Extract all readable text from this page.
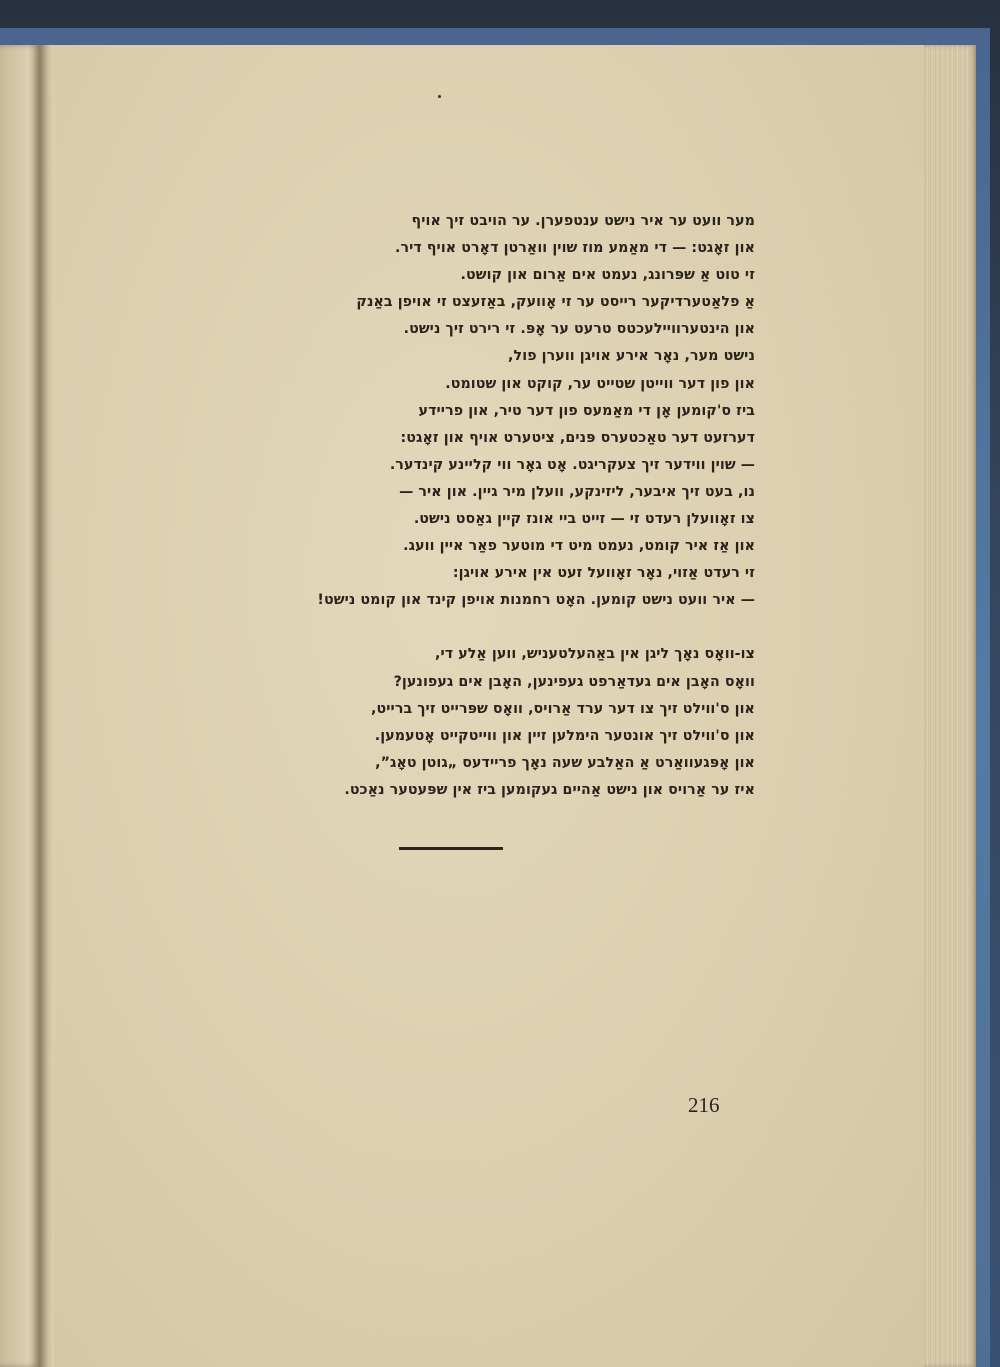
מער וועט ער איר נישט ענטפערן. ער הויבט זיך אויף
און זאָגט: — די מאַמע מוז שוין וואַרטן דאָרט אויף דיר.
זי טוט אַ שפּרונג, נעמט אים אַרום און קושט.
אַ פלאַטערדיקער רייסט ער זי אָוועק, באַזעצט זי אויפן באַנק
און הינטערוויילעכטס טרעט ער אָפּ. זי רירט זיך נישט.
נישט מער, נאָר אירע אויגן ווערן פול,
און פון דער ווייטן שטייט ער, קוקט און שטומט.
ביז ס'קומען אָן די מאַמעס פון דער טיר, און פריידע
דערזעט דער טאַכטערס פּנים, ציטערט אויף און זאָגט:
— שוין ווידער זיך צעקריגט. אָט גאָר ווי קליינע קינדער.
נו, בעט זיך איבער, ליזינקע, וועלן מיר גיין. און איר —
צו זאָוועלן רעדט זי — זייט ביי אונז קיין גאַסט נישט.
און אַז איר קומט, נעמט מיט די מוטער פאַר איין וועג.
זי רעדט אַזוי, נאָר זאָוועל זעט אין אירע אויגן:
— איר וועט נישט קומען. האָט רחמנות אויפן קינד און קומט נישט!
צו-וואָס נאָך ליגן אין באַהעלטעניש, ווען אַלע די,
וואָס האָבן אים געדאַרפט געפינען, האָבן אים געפונען?
און ס'ווילט זיך צו דער ערד אַרויס, וואָס שפּרייט זיך ברייט,
און ס'ווילט זיך אונטער הימלען זיין און ווייטקייט אָטעמען.
און אָפּגעוואַרט אַ האַלבע שעה נאָך פריידעס „גוטן טאָג”,
איז ער אַרויס און נישט אַהיים געקומען ביז אין שפּעטער נאַכט.
216
